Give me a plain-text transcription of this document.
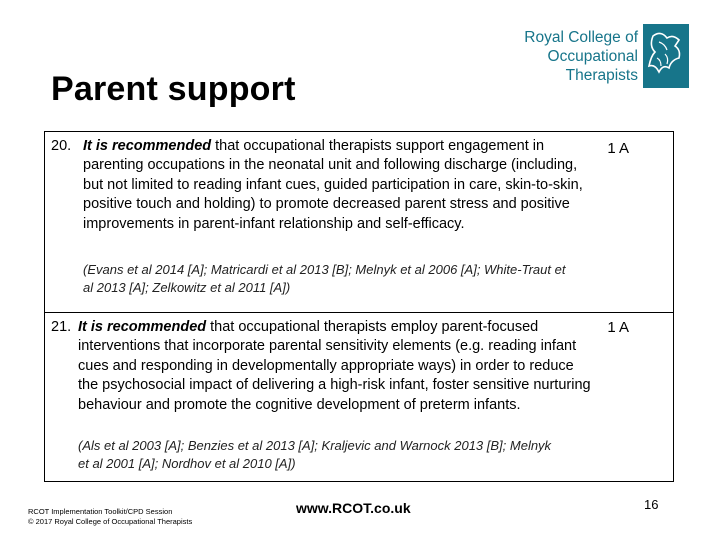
Parent support
Royal College of
Occupational
Therapists
20. It is recommended that occupational therapists support engagement in parenting occupations in the neonatal unit and following discharge (including, but not limited to reading infant cues, guided participation in care, skin-to-skin, positive touch and holding) to promote decreased parent stress and positive improvements in parent-infant relationship and self-efficacy.
1 A
(Evans et al 2014 [A]; Matricardi et al 2013 [B]; Melnyk et al 2006 [A]; White-Traut et al 2013 [A]; Zelkowitz et al 2011 [A])
21. It is recommended that occupational therapists employ parent-focused interventions that incorporate parental sensitivity elements (e.g. reading infant cues and responding in developmentally appropriate ways) in order to reduce the psychosocial impact of delivering a high-risk infant, foster sensitive nurturing behaviour and promote the cognitive development of preterm infants.
1 A
(Als et al 2003 [A]; Benzies et al 2013 [A]; Kraljevic and Warnock 2013 [B]; Melnyk et al 2001 [A]; Nordhov et al 2010 [A])
RCOT Implementation Toolkit/CPD Session
© 2017 Royal College of Occupational Therapists
www.RCOT.co.uk	16
